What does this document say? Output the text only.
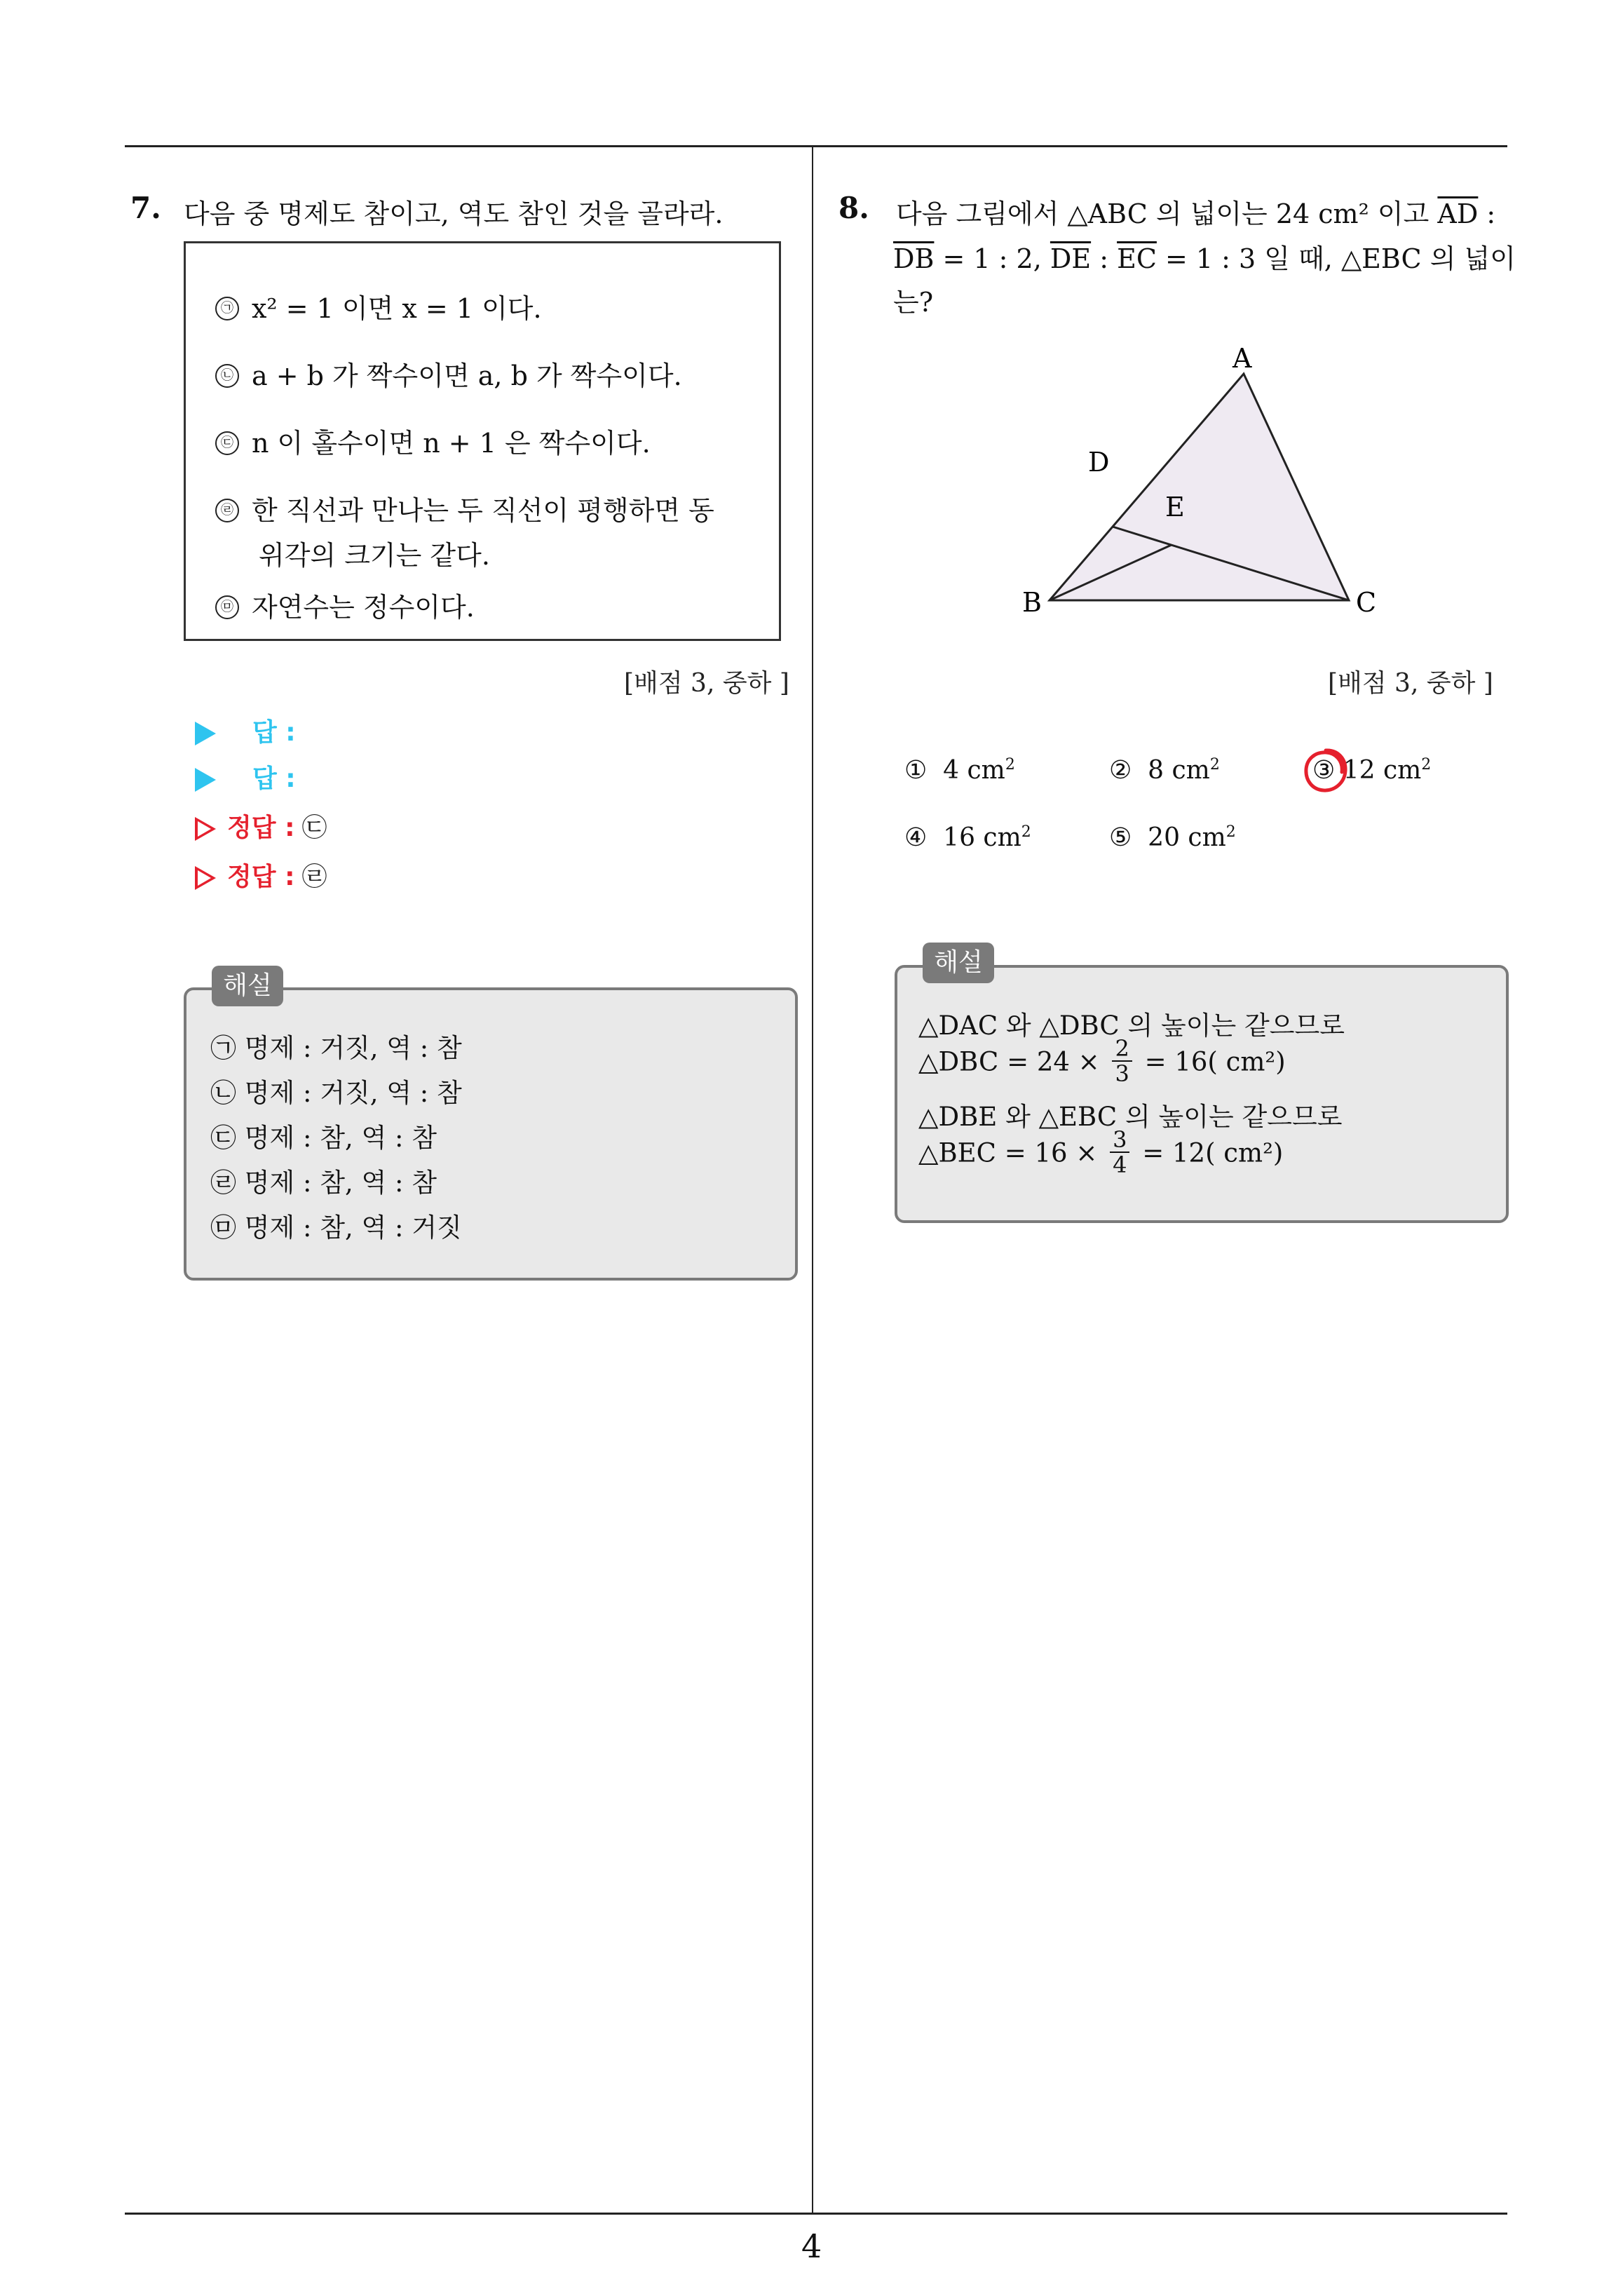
7. 다음 중 명제도 참이고, 역도 참인 것을 골라라.
㉠ x² = 1 이면 x = 1 이다.
㉡ a + b 가 짝수이면 a, b 가 짝수이다.
㉢ n 이 홀수이면 n + 1 은 짝수이다.
㉣ 한 직선과 만나는 두 직선이 평행하면 동
위각의 크기는 같다.
㉤ 자연수는 정수이다.
[배점 3, 중하 ]
답 :
답 :
정답 : ㉢
정답 : ㉣
㉠ 명제 : 거짓, 역 : 참
㉡ 명제 : 거짓, 역 : 참
㉢ 명제 : 참, 역 : 참
㉣ 명제 : 참, 역 : 참
㉤ 명제 : 참, 역 : 거짓
해설
8. 다음 그림에서 △ABC 의 넓이는 24 cm² 이고 $\overline{AD}$ :
$\overline{DB} = 1$ : 2, $\overline{DE}$ : $\overline{EC} = 1$ : 3 일 때, △EBC 의 넓이
는?
A
B	C
D
E
[배점 3, 중하 ]
① 4 $cm^2$	② 8 $cm^2$	③ 12 $cm^2$
④ 16 $cm^2$	⑤ 20 $cm^2$
△DAC 와 △DBC 의 높이는 같으므로
△DBC = $24 \times \frac{2}{3} = 16$( cm²)
△DBE 와 △EBC 의 높이는 같으므로
△BEC = $16 \times \frac{3}{4} = 12$( cm²)
해설
4
